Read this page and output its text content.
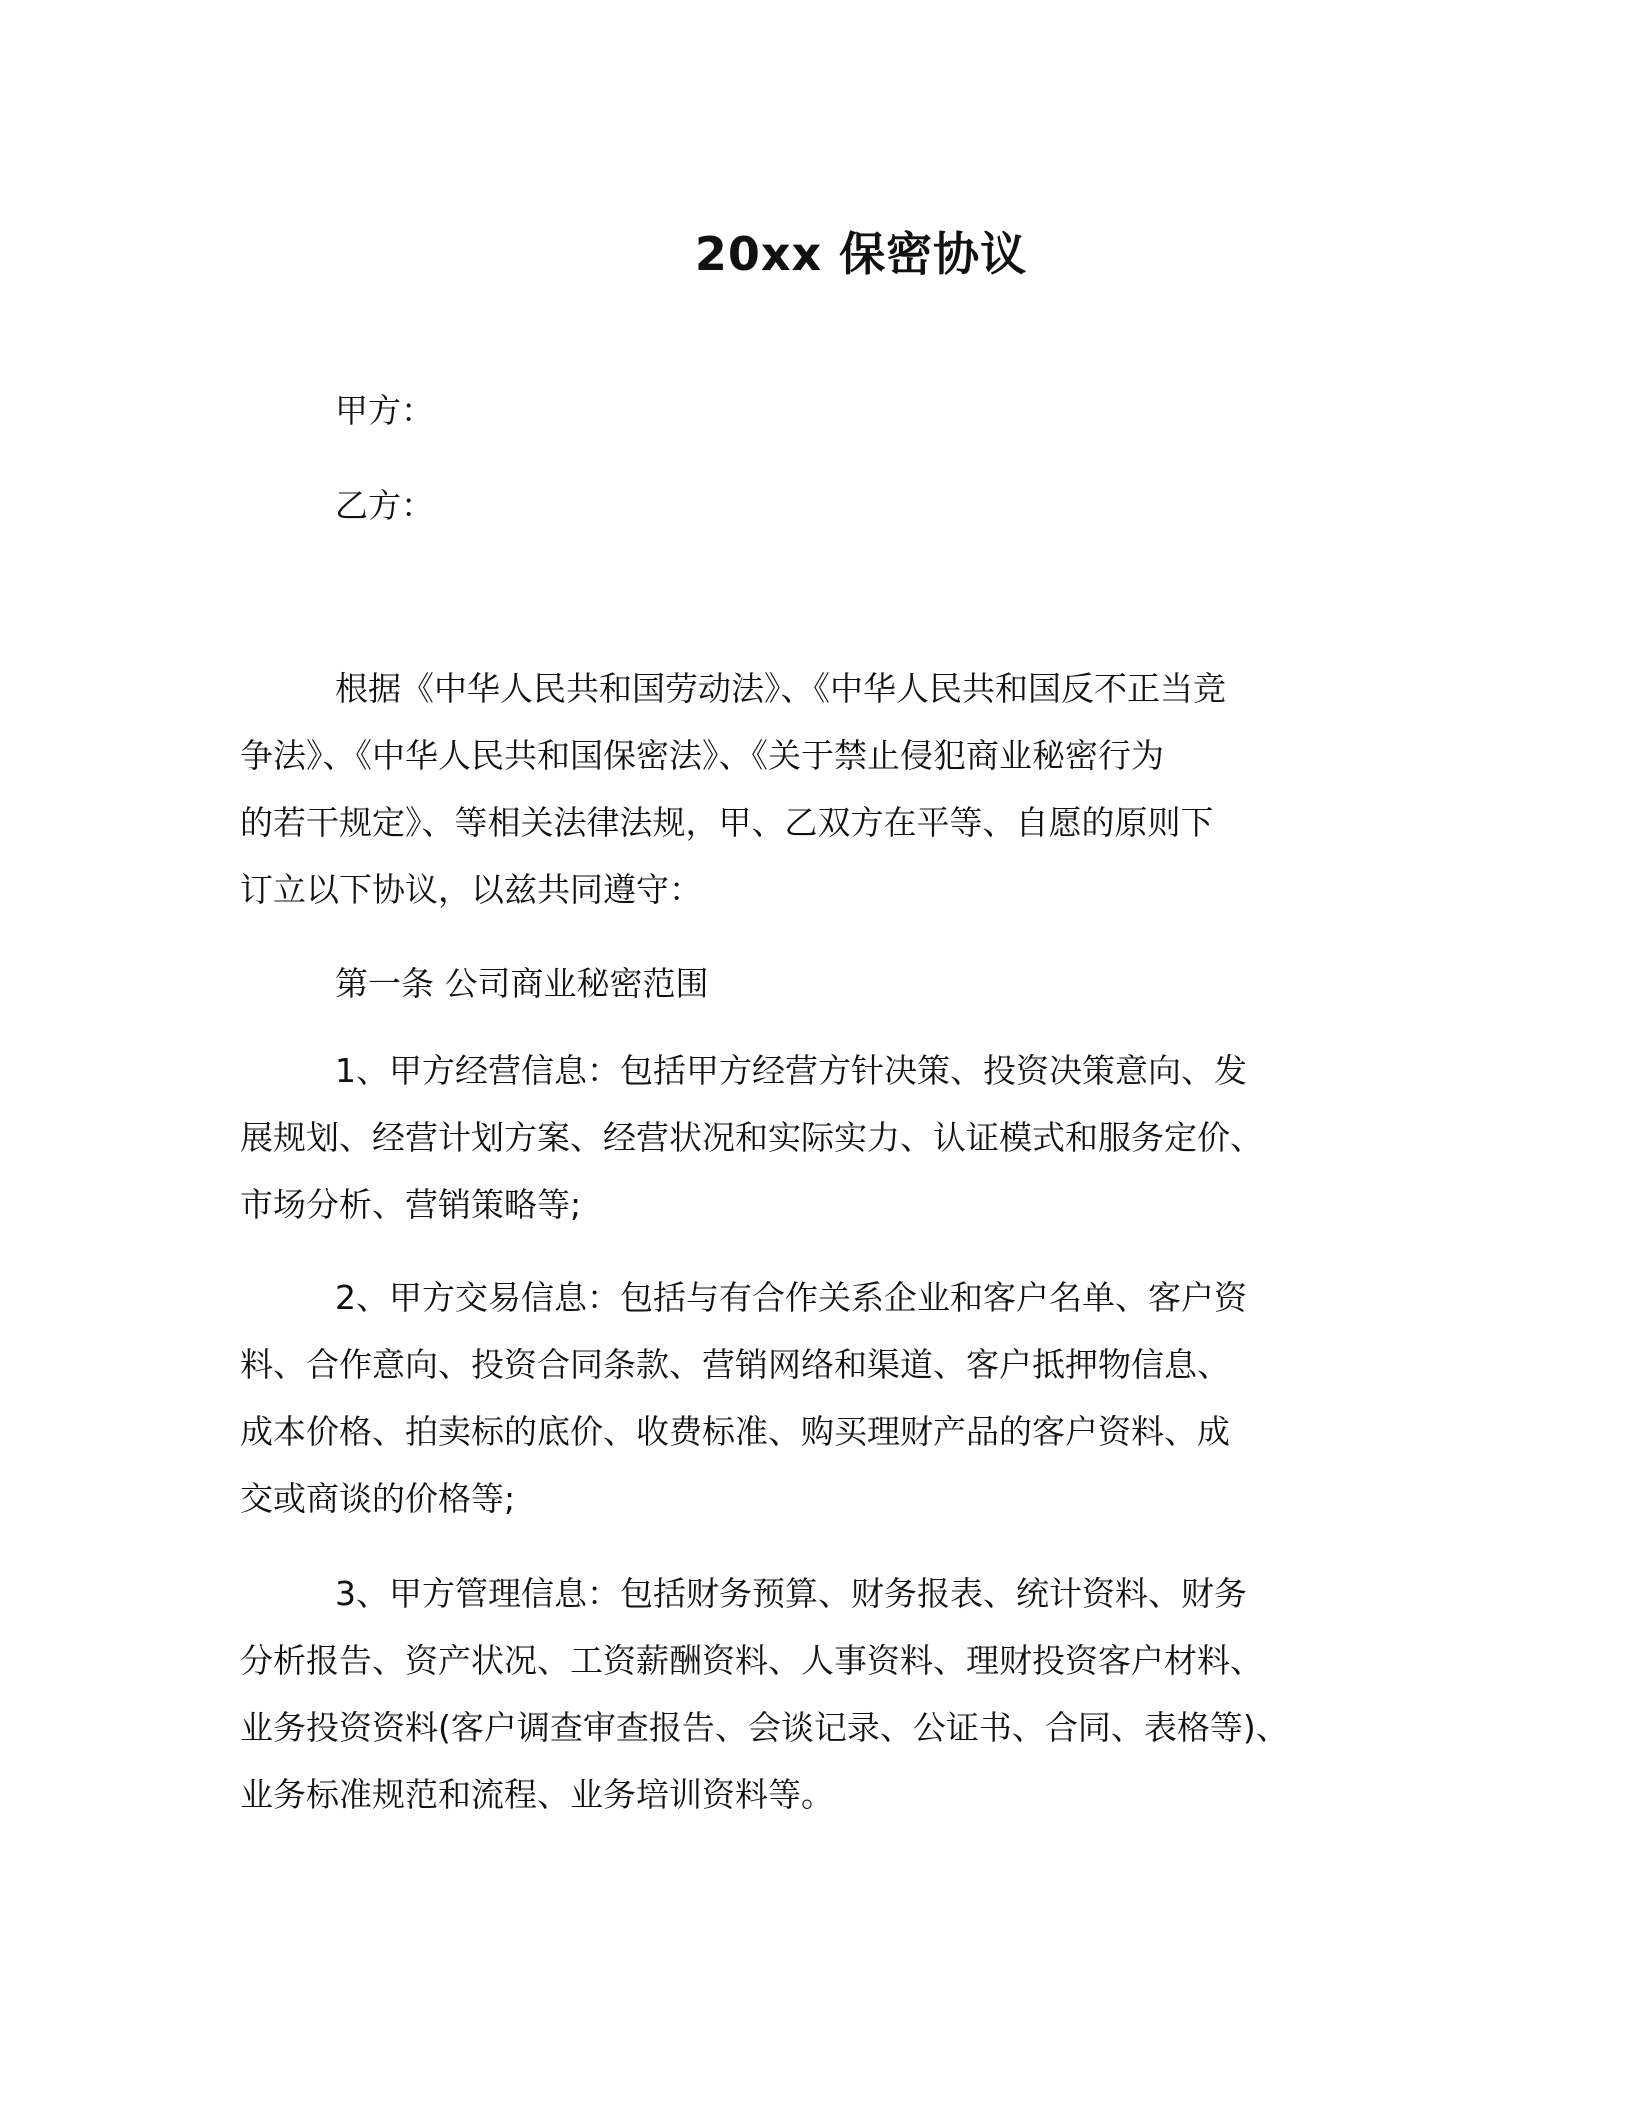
20xx 保密协议

甲方：

乙方：

根据《中华人民共和国劳动法》、《中华人民共和国反不正当竞
争法》、《中华人民共和国保密法》、《关于禁止侵犯商业秘密行为
的若干规定》、等相关法律法规，甲、乙双方在平等、自愿的原则下
订立以下协议，以兹共同遵守：

第一条 公司商业秘密范围

1、甲方经营信息：包括甲方经营方针决策、投资决策意向、发
展规划、经营计划方案、经营状况和实际实力、认证模式和服务定价、
市场分析、营销策略等;
2、甲方交易信息：包括与有合作关系企业和客户名单、客户资
料、合作意向、投资合同条款、营销网络和渠道、客户抵押物信息、
成本价格、拍卖标的底价、收费标准、购买理财产品的客户资料、成
交或商谈的价格等;
3、甲方管理信息：包括财务预算、财务报表、统计资料、财务
分析报告、资产状况、工资薪酬资料、人事资料、理财投资客户材料、
业务投资资料(客户调查审查报告、会谈记录、公证书、合同、表格等)、
业务标准规范和流程、业务培训资料等。
